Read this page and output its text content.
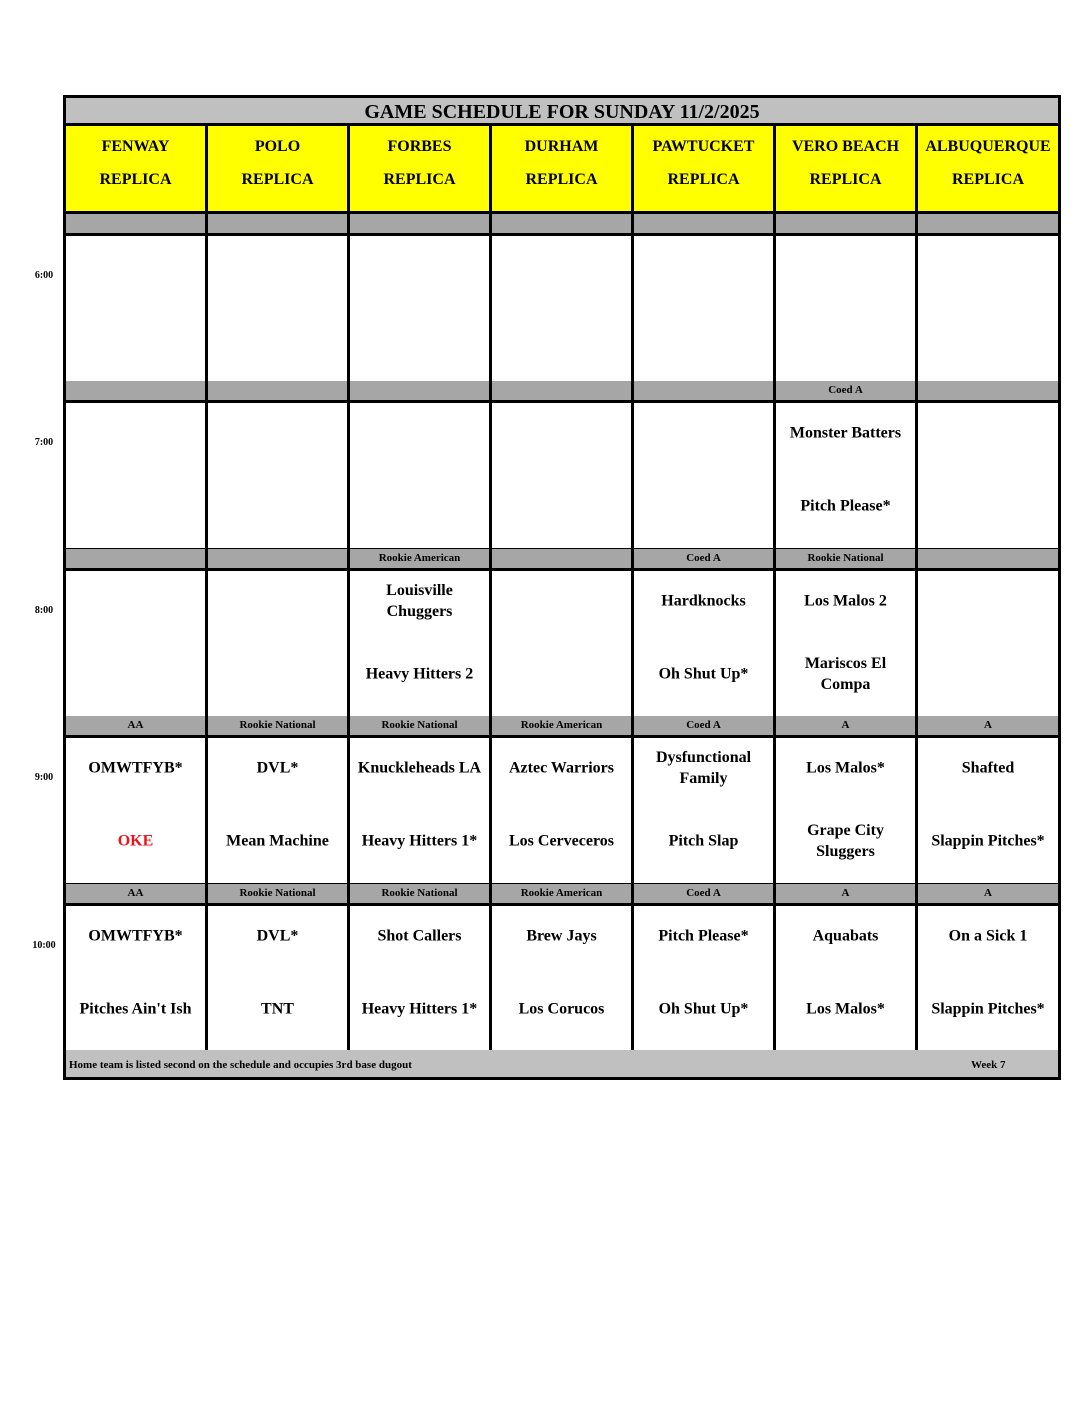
GAME SCHEDULE FOR SUNDAY 11/2/2025
FENWAY
REPLICA
POLO
REPLICA
FORBES
REPLICA
DURHAM
REPLICA
PAWTUCKET
REPLICA
VERO BEACH
REPLICA
ALBUQUERQUE
REPLICA
Coed A
Monster Batters
Pitch Please*
Rookie American
Louisville Chuggers
Heavy Hitters 2
Coed A
Hardknocks
Oh Shut Up*
Rookie National
Los Malos 2
Mariscos El Compa
AA
OMWTFYB*
OKE
Rookie National
DVL*
Mean Machine
Rookie National
Knuckleheads LA
Heavy Hitters 1*
Rookie American
Aztec Warriors
Los Cerveceros
Coed A
Dysfunctional Family
Pitch Slap
A
Los Malos*
Grape City Sluggers
A
Shafted
Slappin Pitches*
AA
OMWTFYB*
Pitches Ain't Ish
Rookie National
DVL*
TNT
Rookie National
Shot Callers
Heavy Hitters 1*
Rookie American
Brew Jays
Los Corucos
Coed A
Pitch Please*
Oh Shut Up*
A
Aquabats
Los Malos*
A
On a Sick 1
Slappin Pitches*
Home team is listed second on the schedule and occupies 3rd base dugout	Week 7
6:00
7:00
8:00
9:00
10:00
